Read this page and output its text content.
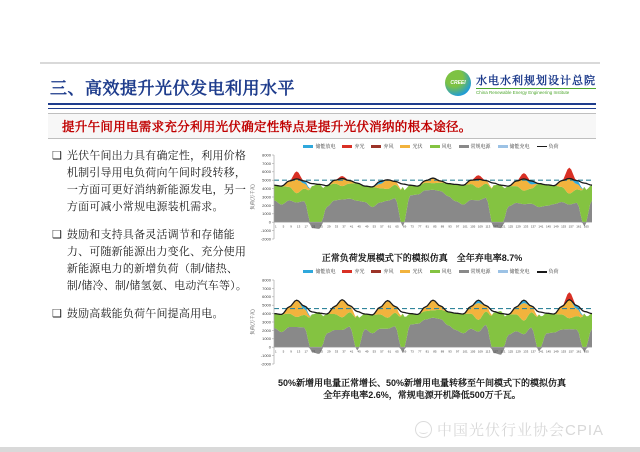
三、高效提升光伏发电利用水平	CREEI 水电水利规划设计总院
China Renewable Energy Engineering Institute
提升午间用电需求充分利用光伏确定性特点是提升光伏消纳的根本途径。
❑ 光伏午间出力具有确定性，利用价格机制引导用电负荷向午间时段转移，一方面可更好消纳新能源发电，另一方面可减小常规电源装机需求。
❑ 鼓励和支持具备灵活调节和存储能力、可随新能源出力变化、充分使用新能源电力的新增负荷（制/储热、制/储冷、制/储氢氨、电动汽车等）。
❑ 鼓励高载能负荷午间提高用电。
储能放电	弃光	弃风	光伏	风电	常规电源	储能充电	负荷
8000
7000
6000
5000
4000
3000
2000
1000
0
-1000
-2000
1 5 9 13 17 21 25 29 33 37 41 45 49 53 57 61 65 69 73 77 81 85 89 93 97 101 105 109 113 117 121 125 129 133 137 141 145 149 153 157 161 165
负荷(万千瓦)
正常负荷发展模式下的模拟仿真　全年弃电率8.7%
储能放电	弃光	弃风	光伏	风电	常规电源	储能充电	负荷
8000
7000
6000
5000
4000
3000
2000
1000
0
-1000
-2000
1 5 9 13 17 21 25 29 33 37 41 45 49 53 57 61 65 69 73 77 81 85 89 93 97 101 105 109 113 117 121 125 129 133 137 141 145 149 153 157 161 165
负荷(万千瓦)
50%新增用电量正常增长、50%新增用电量转移至午间模式下的模拟仿真
全年弃电率2.6%，常规电源开机降低500万千瓦。
中国光伏行业协会CPIA
